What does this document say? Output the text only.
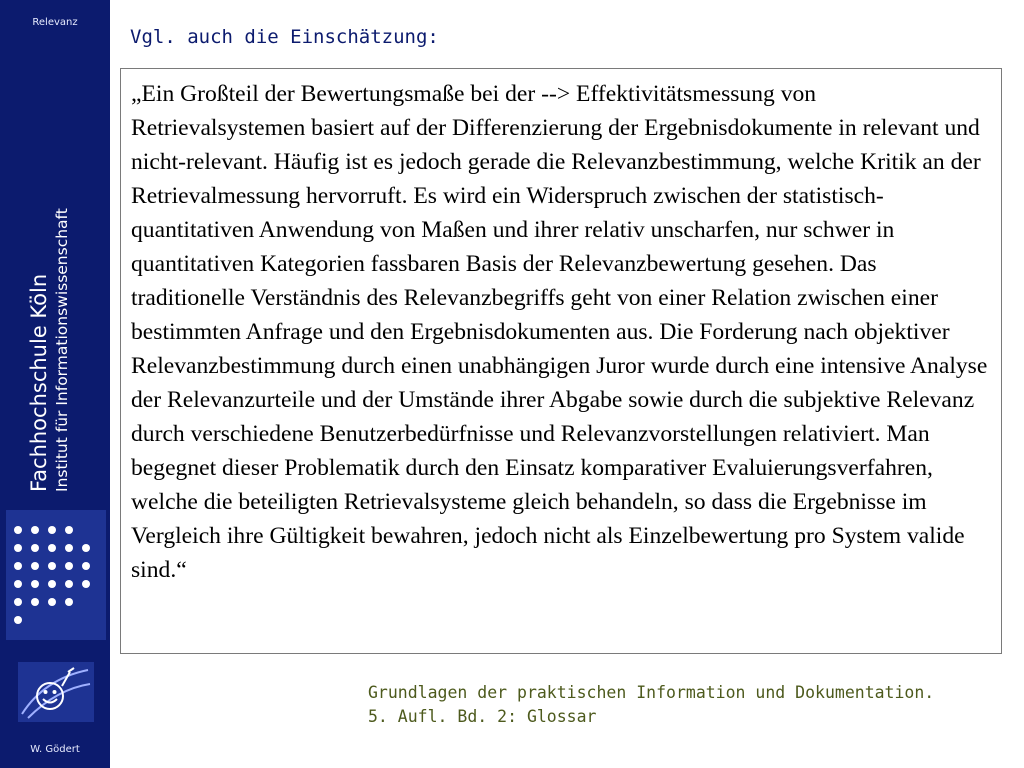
Relevanz
Fachhochschule Köln Institut für Informationswissenschaft
W. Gödert
Vgl. auch die Einschätzung:

„Ein Großteil der Bewertungsmaße bei der --> Effektivitätsmessung von Retrievalsystemen basiert auf der Differenzierung der Ergebnisdokumente in relevant und nicht-relevant. Häufig ist es jedoch gerade die Relevanzbestimmung, welche Kritik an der Retrievalmessung hervorruft. Es wird ein Widerspruch zwischen der statistisch-quantitativen Anwendung von Maßen und ihrer relativ unscharfen, nur schwer in quantitativen Kategorien fassbaren Basis der Relevanzbewertung gesehen. Das traditionelle Verständnis des Relevanzbegriffs geht von einer Relation zwischen einer bestimmten Anfrage und den Ergebnisdokumenten aus. Die Forderung nach objektiver Relevanzbestimmung durch einen unabhängigen Juror wurde durch eine intensive Analyse der Relevanzurteile und der Umstände ihrer Abgabe sowie durch die subjektive Relevanz durch verschiedene Benutzerbedürfnisse und Relevanzvorstellungen relativiert. Man begegnet dieser Problematik durch den Einsatz komparativer Evaluierungsverfahren, welche die beteiligten Retrievalsysteme gleich behandeln, so dass die Ergebnisse im Vergleich ihre Gültigkeit bewahren, jedoch nicht als Einzelbewertung pro System valide sind.“

Grundlagen der praktischen Information und Dokumentation.
5. Aufl. Bd. 2: Glossar
